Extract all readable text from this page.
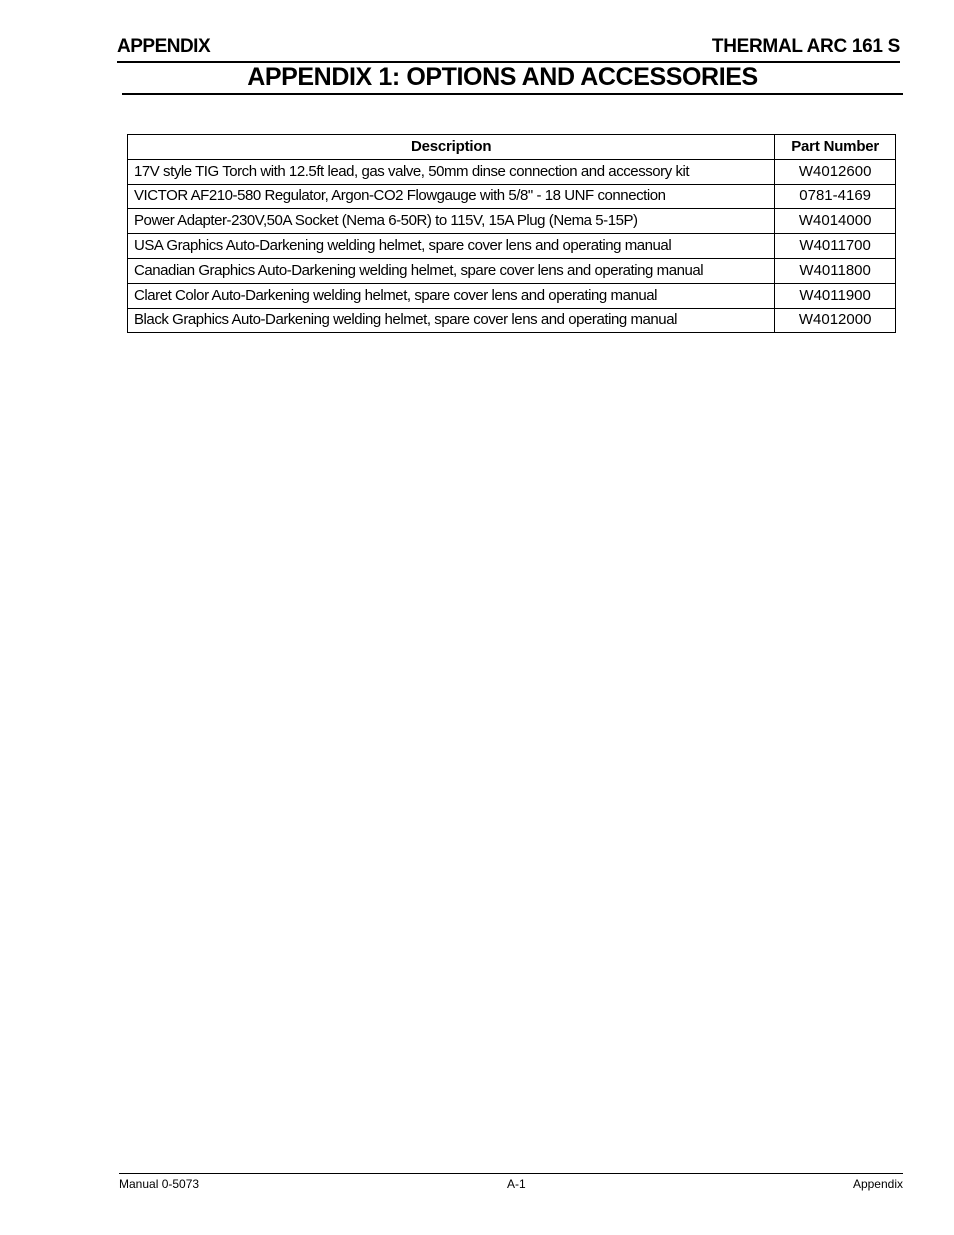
APPENDIX	THERMAL ARC 161 S
APPENDIX 1: OPTIONS AND ACCESSORIES
Description	Part Number
17V style TIG Torch with 12.5ft lead, gas valve, 50mm dinse connection and accessory kit	W4012600
VICTOR AF210-580 Regulator, Argon-CO2 Flowgauge with 5/8" - 18 UNF connection	0781-4169
Power Adapter-230V,50A Socket (Nema 6-50R) to 115V, 15A Plug (Nema 5-15P)	W4014000
USA Graphics Auto-Darkening welding helmet, spare cover lens and operating manual	W4011700
Canadian Graphics Auto-Darkening welding helmet, spare cover lens and operating manual	W4011800
Claret Color Auto-Darkening welding helmet, spare cover lens and operating manual	W4011900
Black Graphics Auto-Darkening welding helmet, spare cover lens and operating manual	W4012000
Manual 0-5073	A-1	Appendix
